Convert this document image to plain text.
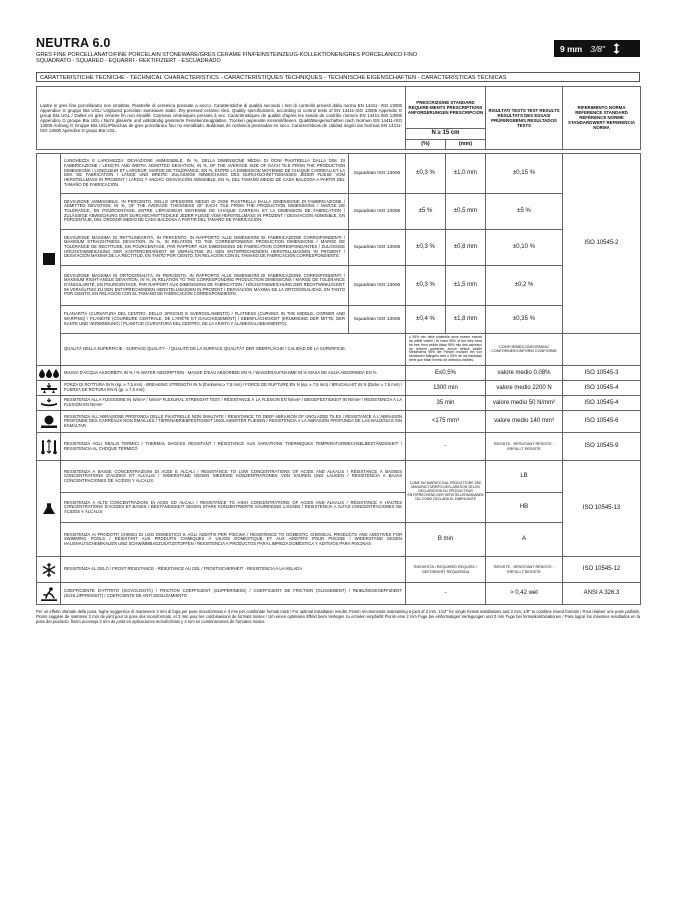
NEUTRA 6.0
GRES FINE PORCELLANATO/FINE PORCELAIN STONEWARE/GRES CERAME FIN/FEINSTEINZEUG-KOLLEKTIONEN/GRES PORCELANICO FINO
SQUADRATO - SQUARED - EQUARRI - REKTIFIZIERT - ESCUADRADO
9 mm 3/8"
CARATTERISTICHE TECNICHE - TECHNICAL CHARACTERISTICS - CARACTERISTIQUES TECHNIQUES - TECHNISCHE EIGENSCHAFTEN - CARACTERÍSTICAS TÉCNICAS
Lastre in gres fine porcellanato non smaltato. Piastrelle di ceramica pressate a secco. Caratteristiche di qualità secondo i test di controllo previsti dalla norma EN 14411- ISO 13006 Appendice G gruppo BIa UGL/ Unglazed porcelain stoneware slabs. Dry-pressed ceramic tiles. Quality specifications, according to control tests of EN 14411-ISO 13006 Appendix G group BIa UGL / Dalles en grès cérame fin non émaillé. Carreaux céramiques pressés à sec. Caractéristiques de qualité d'après les essais de contrôle normes EN 14411-ISO 13006 Appendice G groupe BIa UGL / Nicht glasierte und vollständig gesinterte Feinsteinzeugplatten. Trocken gepresste Keramikfliesen. Qualitätseigenschaften nach Normen EN 14411-ISO 13006 Anhang G Gruppe BIa UGL/Planchas de gres porcelánico fino no esmaltado. Baldosas de cerámica prensadas en seco. Características de calidad según las Normas EN 14411-ISO 13006 Apéndice G grupo BIa UGL.	PRESCRIZIONE STANDARD REQUIRE-MENTS PRESCRIPTIONS ANFORDERUNGEN PRESCRIPCION		RISULTATI TESTS TEST RESULTS RESULTATS DES ESSAIS PRÜFERGEBNIS RESULTADOS TESTS	RIFERIMENTO NORMA REFERENCE STANDARD RÉFÉRENCE NORME STANDARDWERT REFERENCIA NORMA
	N ≥ 15 cm			
	(%)	(mm)		
	LUNGHEZZA E LARGHEZZA: DEVIAZIONE AMMISSIBILE, IN %, DELLA DIMENSIONE MEDIA DI OGNI PIASTRELLA DALLA DIM. DI FABBRICAZIONE / LENGTH AND WIDTH: ADMITTED DEVIATION, IN %, OF THE AVERAGE SIZE OF EACH TILE FROM THE PRODUCTION DIMENSIONS / LONGUEUR ET LARGEUR: MARGE DE TOLÉRANCE, EN %, ENTRE LA DIMENSION MOYENNE DE CHAQUE CARREAU ET LA DIM. DE FABRICATION / LÄNGE UND BREITE: ZULÄSSIGE ABWEICHUNG DES DURCHSCHNITTSMASSES JEDER FLIESE VOM HERSTELLMASS IN PROZENT / LARGO Y ANCHO: DESVIACIÓN ADMISIBLE, EN %, DEL TAMAÑO MEDIO DE CADA BALDOSA A PARTIR DEL TAMAÑO DE FABRICACIÓN.	Squadrato ISO 13006	±0,3 %	±1,0 mm	±0,15 %	ISO 10545-2
	DEVIAZIONE AMMISSIBILE, IN PERCENTO, DELLO SPESSORE MEDIO DI OGNI PIASTRELLA DALLA DIMENSIONE DI FABBRICAZIONE / ADMITTED DEVIATION, IN %, OF THE AVERAGE THICKNESS OF EACH TILE FROM THE PRODUCTION DIMENSIONS / MARGE DE TOLÉRANCE, EN POURCENTAGE, ENTRE L'ÉPAISSEUR MOYENNE DE CHAQUE CARREAU ET LA DIMENSION DE FABRICATION / ZULÄSSIGE ABWEICHUNG DER DURCHSCHNITTSDICKE JEDER FLIESE VOM HERSTELLMASS IN PROZENT / DESVIACIÓN ADMISIBLE, EN PORCENTAJE, DEL GROSOR MEDIO DE CADA BALDOSA A PARTIR DEL TAMAÑO DE FABRICACIÓN.	Squadrato ISO 13006	±5 %	±0,5 mm	±5 %	
	DEVIAZIONE MASSIMA DI RETTILINEARITÀ, IN PERCENTO, IN RAPPORTO ALLE DIMENSIONI DI FABBRICAZIONE CORRISPONDENTI / MAXIMUM STRAIGHTNESS DEVIATION, IN %, IN RELATION TO THE CORRESPONDING PRODUCTION DIMENSIONS / MARGE DE TOLÉRANCE DE RECTITUDE, EN POURCENTAGE, PAR RAPPORT AUX DIMENSIONS DE FABRICATION CORRESPONDANTES / ZULÄSSIGE HÖCHSTABWEICHUNG DER KANTENGERADHEIT IM VERHÄLTNIS ZU DEN ENTSPRECHENDEN HERSTELLMASSEN IN PROZENT / DESVIACIÓN MÁXIMA DE LA RECTITUD, EN TANTO POR CIENTO, EN RELACIÓN CON EL TAMAÑO DE FABRICACIÓN CORRESPONDIENTE.	Squadrato ISO 13006	±0,3 %	±0,8 mm	±0,10 %	
	DEVIAZIONE MASSIMA DI ORTOGONALITÀ, IN PERCENTO, IN RAPPORTO ALLE DIMENSIONI DI FABBRICAZIONE CORRISPONDENTI / MAXIMUM RIGHT-ANGLE DEVIATION, IN %, IN RELATION TO THE CORRESPONDING PRODUCTION DIMENSIONS / MARGE DE TOLÉRANCE D'ANGULARITÉ, EN POURCENTAGE, PAR RAPPORT AUX DIMENSIONS DE FABRICATION / HÖCHSTABWEICHUNG DER RECHTWINKLIGKEIT IM VERHÄLTNIS ZU DEN ENTSPRECHENDEN HERSTELLMASSEN IN PROZENT / DESVIACIÓN MÁXIMA DE LA ORTOGONALIDAD, EN TANTO POR CIENTO, EN RELACIÓN CON EL TAMAÑO DE FABRICACIÓN CORRESPONDIENTE.	Squadrato ISO 13006	±0,3 %	±1,5 mm	±0,2 %	
	PLANARITÀ (CURVATURA DEL CENTRO, DELLO SPIGOLO E SVERGOLAMENTO) / FLATNESS (CURVING IN THE MIDDLE, CORNER AND WARPING) / PLANÉITÉ (COURBURE CENTRALE, DE L'ARÊTE ET GAUCHISSEMENT) / EBENFLÄCHIGKEIT (KRÜMMUNG DER MITTE, DER KANTE UND VERWINDUNG) / PLANITUD (CURVATURA DEL CENTRO, DE LA ARISTA Y ALABEO/ALABEAMIENTO).	Squadrato ISO 13006	±0,4 %	±1,8 mm	±0,35 %	
	QUALITÀ DELLA SUPERFICIE - SURFACE QUALITY - / QUALITÉ DE LA SURFACE QUALITÄT DER OBERFLÄCHE / CALIDAD DE LA SUPERFICIE.		≥ 95% min delle piastrelle deve essere esente da difetti visibili / At least 95% of the tiles must be free from visible flaws 95% min des carreaux ne doivent présenter aucun défaut visible Mindestens 95% der Fliesen müssen frei von sichtbaren Mängeln sein ≥ 95% de las baldosas tiene que estar exento de defectos visibles.		CONFORME/CONFORMING CONFORME/KONFORM CONFORME	
	MASSA D'ACQUA ASSORBITA IN % / % WATER ABSORPTION - MASSE D'EAU ABSORBÉE EN % / WASSERAUFNAHME IN % MASA DE AGUA ABSORBIDA EN %		E≤0,5%		valore medio 0,08%	ISO 10545-3
	FORZA DI ROTTURA IN N (sp. ≥ 7,5 mm) - BREAKING STRENGTH IN N (thickness ≥ 7,5 mm) / FORCE DE RUPTURE EN N (ép. ≥ 7,5 mm) / BRUCHLAST IN N (Dicke ≥ 7,5 mm) / FUERZA DE ROTURA EN N (gr. ≥ 7,5 mm)		1300 min		valore medio 2200 N	ISO 10545-4
	RESISTENZA ALLA FLESSIONE IN N/mm² / N/mm² FLEXURAL STRENGHT TEST / RÉSISTANCE À LA FLEXION EN N/mm² / BIEGEFESTIGKEIT IN N/mm² / RESISTENCIA A LA FLEXIÓN EN N/mm²		35 min		valore medio 50 N/mm²	ISO 10545-4
	RESISTENZA ALL'ABRASIONE PROFONDA DELLE PIASTRELLE NON SMALTATE / RESISTANCE TO DEEP ABRASION OF UNGLAZED TILES / RÉSISTANCE À L'ABRASION PROFONDE DES CARREAUX NON ÉMAILLÉS / TIEFENABRIEBFESTIGKEIT UNGLASIERTER FLIESEN / RESISTENCIA A LA ABRASIÓN PROFUNDA DE LAS BALDOSAS SIN ESMALTAR		<175 mm³		valore medio 140 mm³	ISO 10545-6
	RESISTENZA AGLI SBALZI TERMICI / THERMAL SHOCKS RESISTANT / RÉSISTANCE AUX VARIATIONS THERMIQUES TEMPERATURWECHSELBESTÄNDIGKEIT / RESISTENCIA AL CHOQUE TÉRMICO		-		RESISTE - RÉSISTANT RÉSISTE - ERFÜLLT RESISTE	ISO 10545-9
	RESISTENZA A BASSE CONCENTRAZIONI DI ACIDI E ALCALI / RESISTANCE TO LOW CONCENTRATIONS OF ACIDS AND ALKALIS / RÉSISTANCE À BASSES CONCENTRATIONS D'ACIDES ET ALCALIS / WIDERSTAND GEGEN NIEDRIGE KONZENTRATIONEN VON SÄUREN UND LAUGEN / RESISTENCIA A BAJAS CONCENTRACIONES DE ÁCIDOS Y ÁLCALIS.		COME DICHIARATO DAL PRODUTTORE SEE MANUFACTURER'S DECLARATION SELON DÉCLARATION DU PRODUCTEUR ENTSPRECHEND DER HERSTELLERANGABEN TAL COMO DECLARA EL FABRICANTE		LB	ISO 10545-13
	RESISTENZA A ALTE CONCENTRAZIONI DI ACIDI ED ALCALI / RESISTANCE TO HIGH CONCENTRATIONS OF ACIDS AND ALKALIS / RÉSISTANCE À HAUTES CONCENTRATIONS D'ACIDES ET BASES / BESTÄNDIGKEIT GEGEN STARK KONZENTRIERTE SÄURENUND LAUGEN / RESISTENCIA A ALTAS CONCENTRACIONES DE ÁCIDOS Y ÁLCALIS				HB	
	RESISTENZA AI PRODOTTI CHIMICI DI USO DOMESTICO E AGLI ADDITIVI PER PISCINA / RESISTENCE TO DOMESTIC CHEMICAL PRODUCTS AND ADDITIVES FOR SWIMMING POOLS / RÉSISTANT AUX PRODUITS CHIMIQUES À USAGE DOMESTIQUE ET AUX ADDITIFS POUR PISCINE / WIDERSTAND GEGEN HAUSHALTSCHEMIKALIEN UND SCHWIMMBADZUSATZSTOFFEN / RESISTENCIA A PRODUCTOS PARA LIMPIEZA DOMÉSTICA Y ADITIVOS PARA PISCINAS		B min		A	
	RESISTENZA AL GELO / FROST RESISTANCE - RÉSISTANCE AU GEL / FROSTSICHERHEIT - RESISTENCIA A LA HELADA		RICHIESTA / REQUIRED REQUISE / GEFORDERT REQUERIDA		RESISTE - RÉSISTANT RÉSISTE - ERFÜLLT RESISTE	ISO 10545-12
	COEFFICIENTE D'ATTRITO (SCIVOLOSITÀ) / FRICTION COEFFICIENT (SLIPPERINESS) / COEFFICIENT DE FRICTION (GLISSEMENT) / REIBUNGSKOEFFIZIENT (SCHLÜPFRIGKEIT) / COEFICIENTE DE ANTI DESLIZAMIENTO		-		> 0,42 wet	ANSI A 326.3
Per un effetto ottimale della posa, fughe suggerisce di mantenere 2 mm di fuga per pose monoformato e 3 mm per combinate formati misti / For optimal installation results, Florim recommends maintaining a joint of 2 mm, 1/12" for single format installations and 3 mm, 1/8" to combine mixed formats / Pour réaliser une pose parfaite, Florim suggère de maintenir 2 mm de joint pour la pose des monoformats, et 3 mm pour les combinaisons de formats mixtes / Um einen optimalen Effekt beim Verlegen zu erzielen empfiehlt Florim eine 2 mm Fuge bei einformatigen Verlegungen und 3 mm Fuge bei formatkombinationen / Para lograr los máximos resultados en la pose del producto, florim aconseja 2 mm de junta en aplicaciones monoformato y 3 mm en combinaciones de formatos mixtos.
